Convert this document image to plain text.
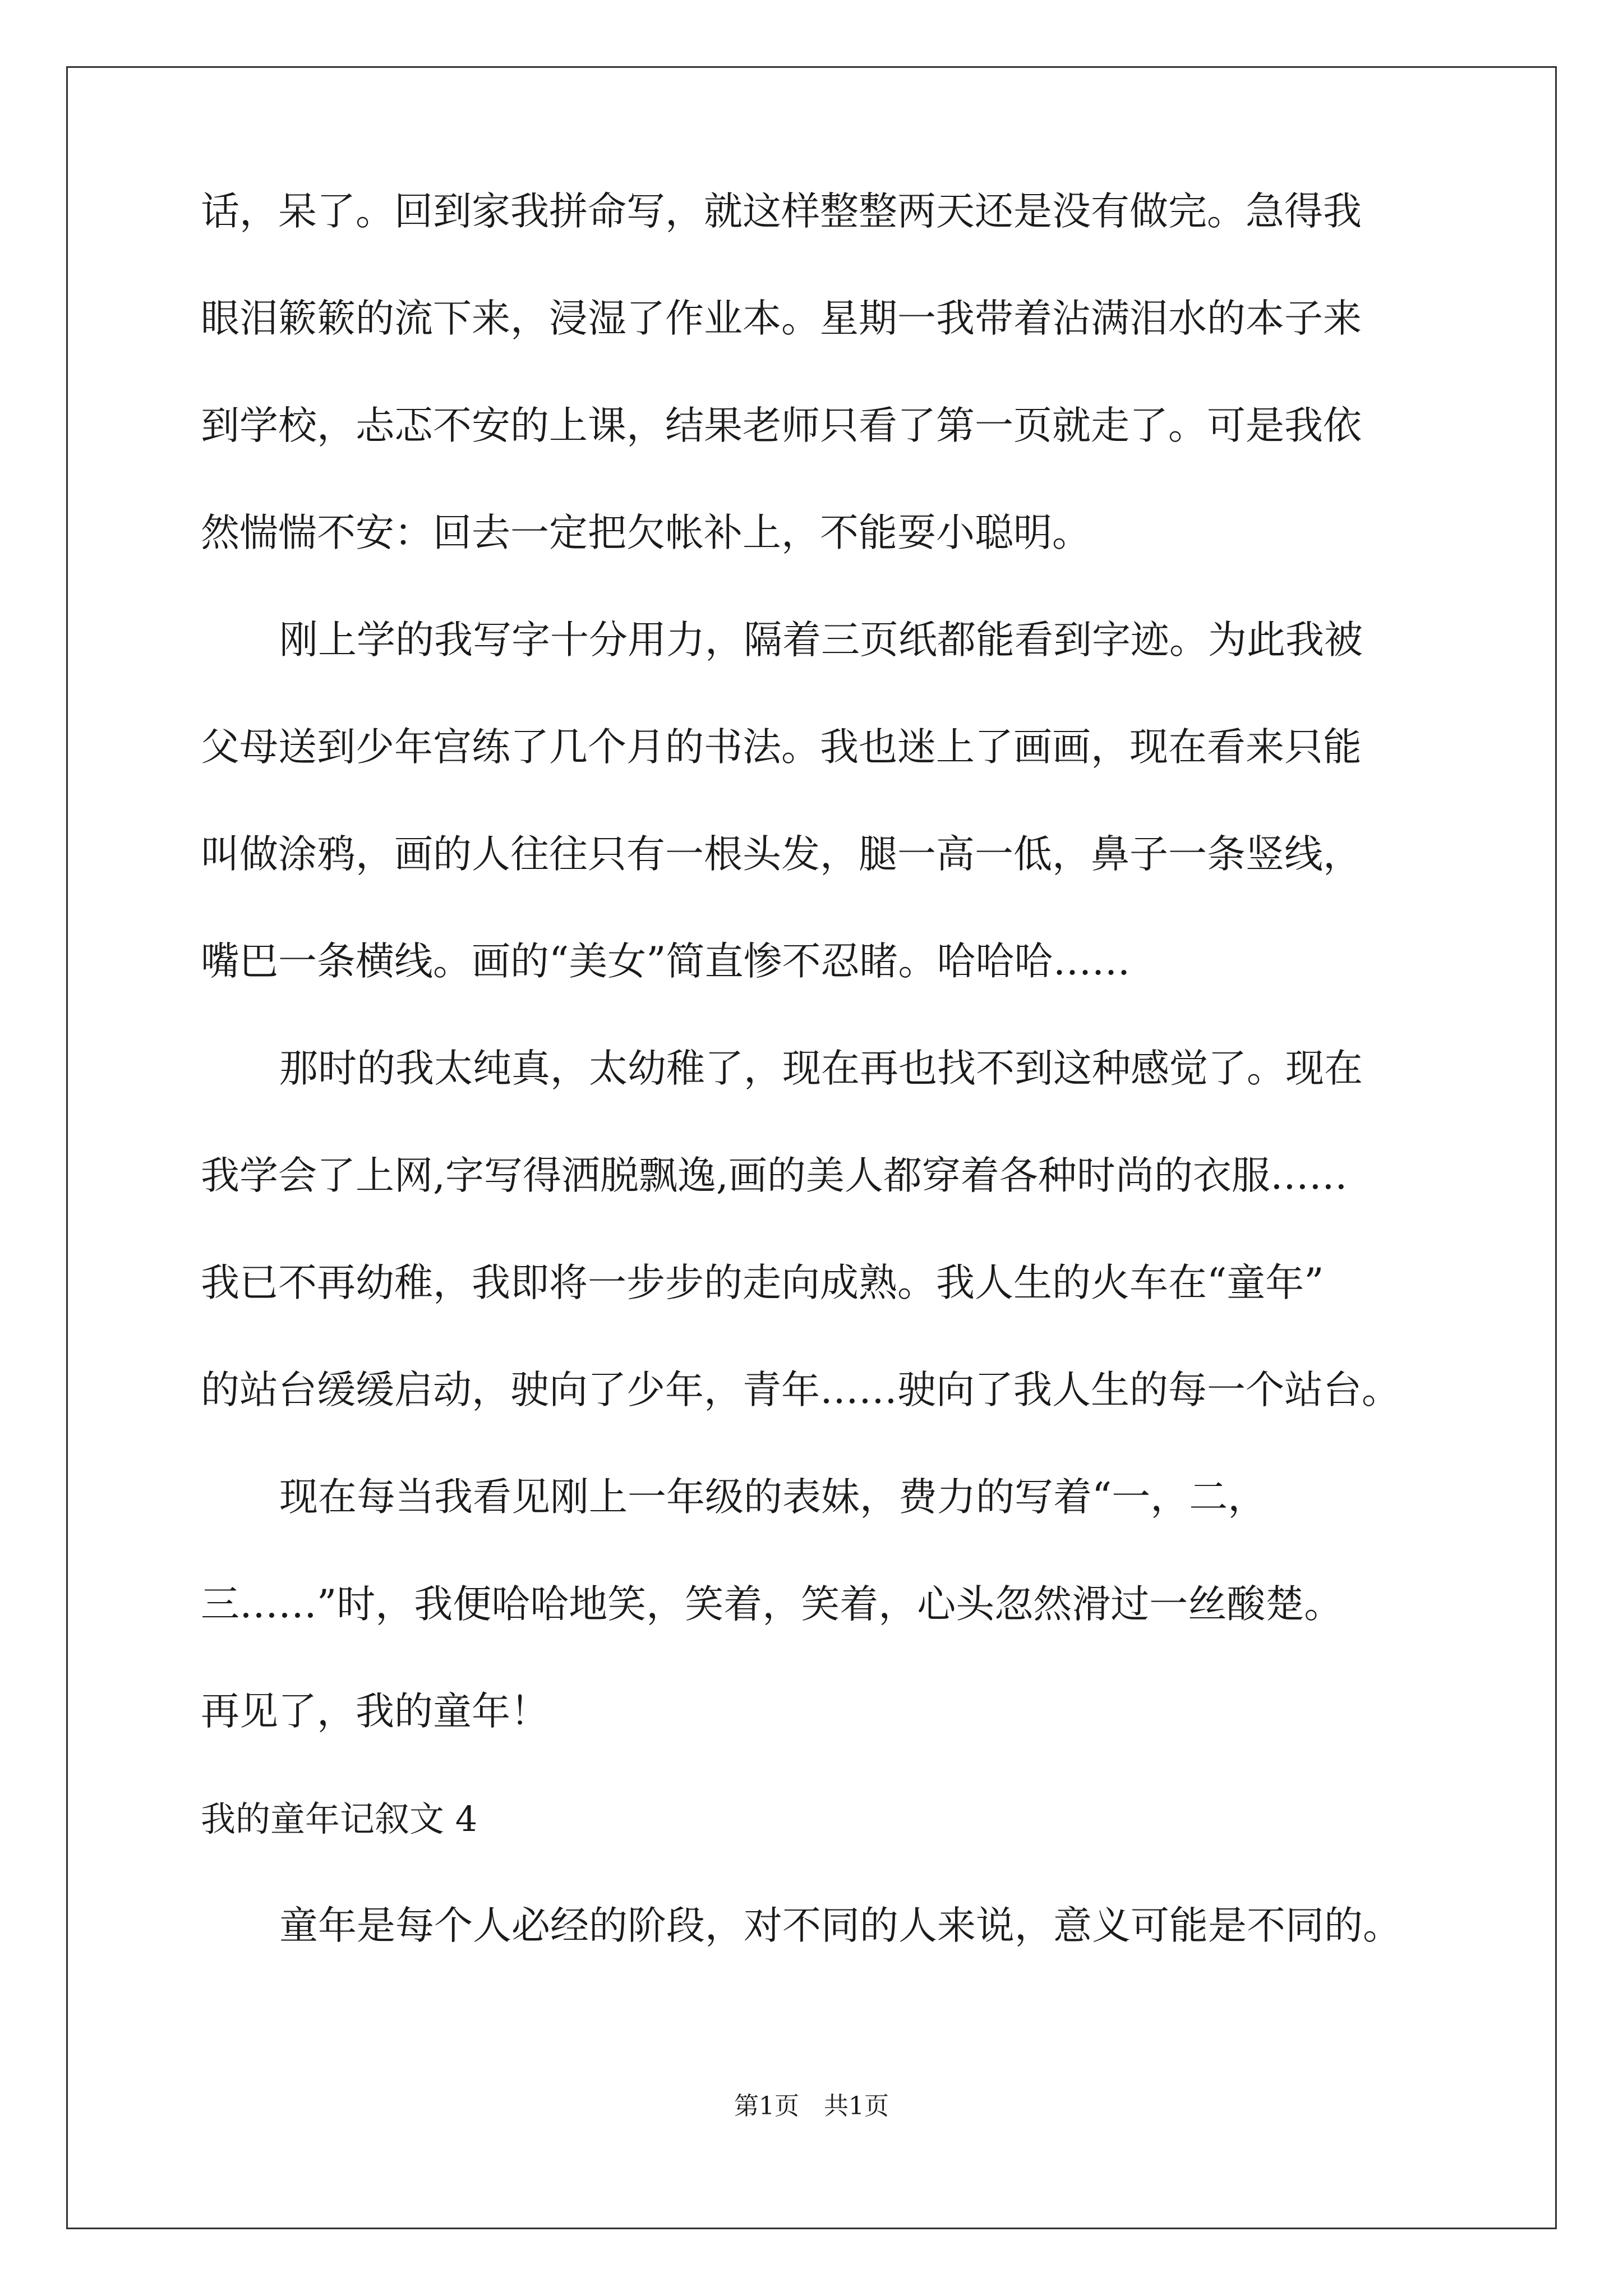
话，呆了。回到家我拼命写，就这样整整两天还是没有做完。急得我
眼泪簌簌的流下来，浸湿了作业本。星期一我带着沾满泪水的本子来
到学校，忐忑不安的上课，结果老师只看了第一页就走了。可是我依
然惴惴不安：回去一定把欠帐补上，不能耍小聪明。
刚上学的我写字十分用力，隔着三页纸都能看到字迹。为此我被
父母送到少年宫练了几个月的书法。我也迷上了画画，现在看来只能
叫做涂鸦，画的人往往只有一根头发，腿一高一低，鼻子一条竖线，
嘴巴一条横线。画的“美女”简直惨不忍睹。哈哈哈……
那时的我太纯真，太幼稚了，现在再也找不到这种感觉了。现在
我学会了上网,字写得洒脱飘逸,画的美人都穿着各种时尚的衣服……
我已不再幼稚，我即将一步步的走向成熟。我人生的火车在“童年”
的站台缓缓启动，驶向了少年，青年……驶向了我人生的每一个站台。
现在每当我看见刚上一年级的表妹，费力的写着“一，二，
三……”时，我便哈哈地笑，笑着，笑着，心头忽然滑过一丝酸楚。
再见了，我的童年！
我的童年记叙文 4
童年是每个人必经的阶段，对不同的人来说，意义可能是不同的。
第1页　共1页
